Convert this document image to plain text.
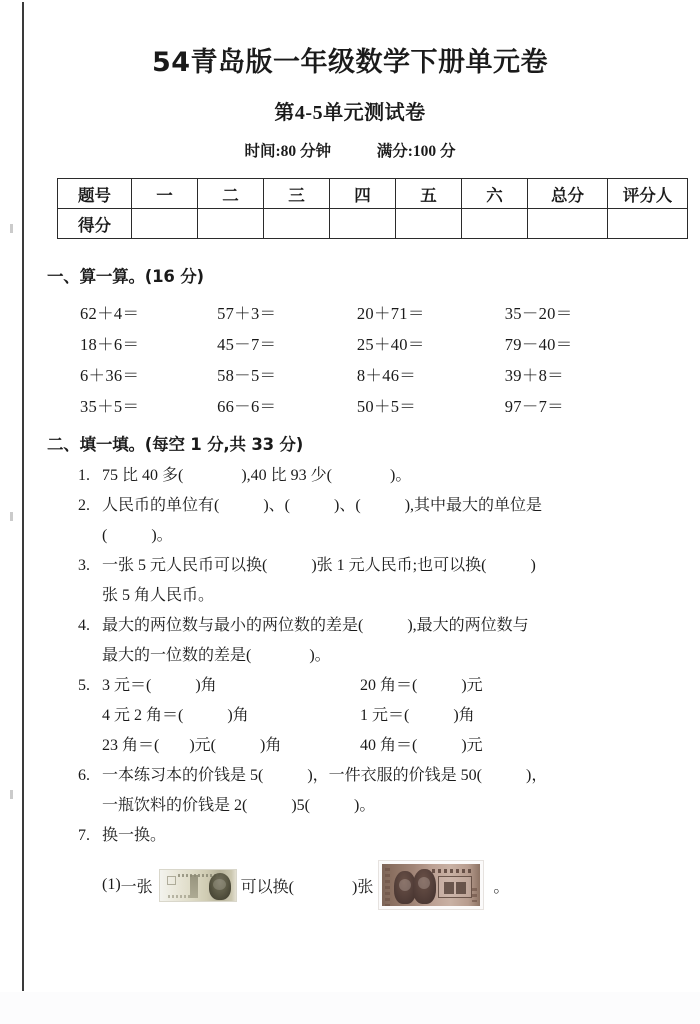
54青岛版一年级数学下册单元卷
第4-5单元测试卷
时间:80 分钟	满分:100 分
题号	一	二	三	四	五	六	总分	评分人
得分								
一、算一算。(16 分)
62＋4＝	57＋3＝	20＋71＝	35－20＝
18＋6＝	45－7＝	25＋40＝	79－40＝
6＋36＝	58－5＝	8＋46＝	39＋8＝
35＋5＝	66－6＝	50＋5＝	97－7＝
二、填一填。(每空 1 分,共 33 分)
1. 75 比 40 多(	),40 比 93 少(	)。
2. 人民币的单位有(	)、(	)、(	),其中最大的单位是
(	)。
3. 一张 5 元人民币可以换(	)张 1 元人民币;也可以换(	)
张 5 角人民币。
4. 最大的两位数与最小的两位数的差是(	),最大的两位数与
最大的一位数的差是(	)。
5. 3 元＝(	)角	20 角＝(	)元
4 元 2 角＝(	)角	1 元＝(	)角
23 角＝( )元(	)角	40 角＝(	)元
6. 一本练习本的价钱是 5(	)，一件衣服的价钱是 50(	)，
一瓶饮料的价钱是 2(	)5(	)。
7. 换一换。
(1) 一张	可以换(	)张	。
